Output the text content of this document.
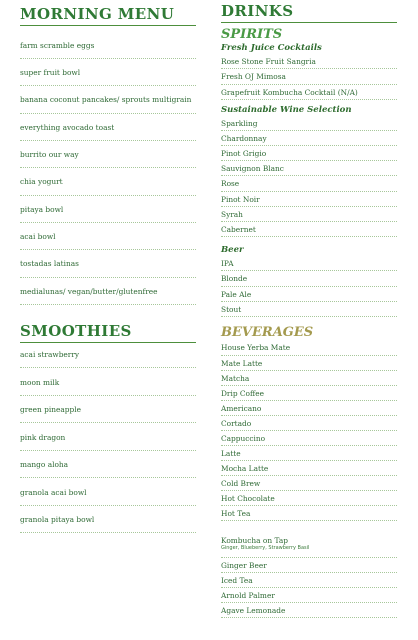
MORNING MENU
farm scramble eggs
super fruit bowl
banana coconut pancakes/ sprouts multigrain
everything avocado toast
burrito our way
chia yogurt
pitaya bowl
acai bowl
tostadas latinas
medialunas/ vegan/butter/glutenfree
SMOOTHIES
acai strawberry
moon milk
green pineapple
pink dragon
mango aloha
granola acai bowl
granola pitaya bowl
DRINKS
SPIRITS
Fresh Juice Cocktails
Rose Stone Fruit Sangria
Fresh OJ Mimosa
Grapefruit Kombucha Cocktail (N/A)
Sustainable Wine Selection
Sparkling
Chardonnay
Pinot Grigio
Sauvignon Blanc
Rose
Pinot Noir
Syrah
Cabernet
Beer
IPA
Blonde
Pale Ale
Stout
BEVERAGES
House Yerba Mate
Mate Latte
Matcha
Drip Coffee
Americano
Cortado
Cappuccino
Latte
Mocha Latte
Cold Brew
Hot Chocolate
Hot Tea
Kombucha on Tap
Ginger, Blueberry, Strawberry Basil
Ginger Beer
Iced Tea
Arnold Palmer
Agave Lemonade
